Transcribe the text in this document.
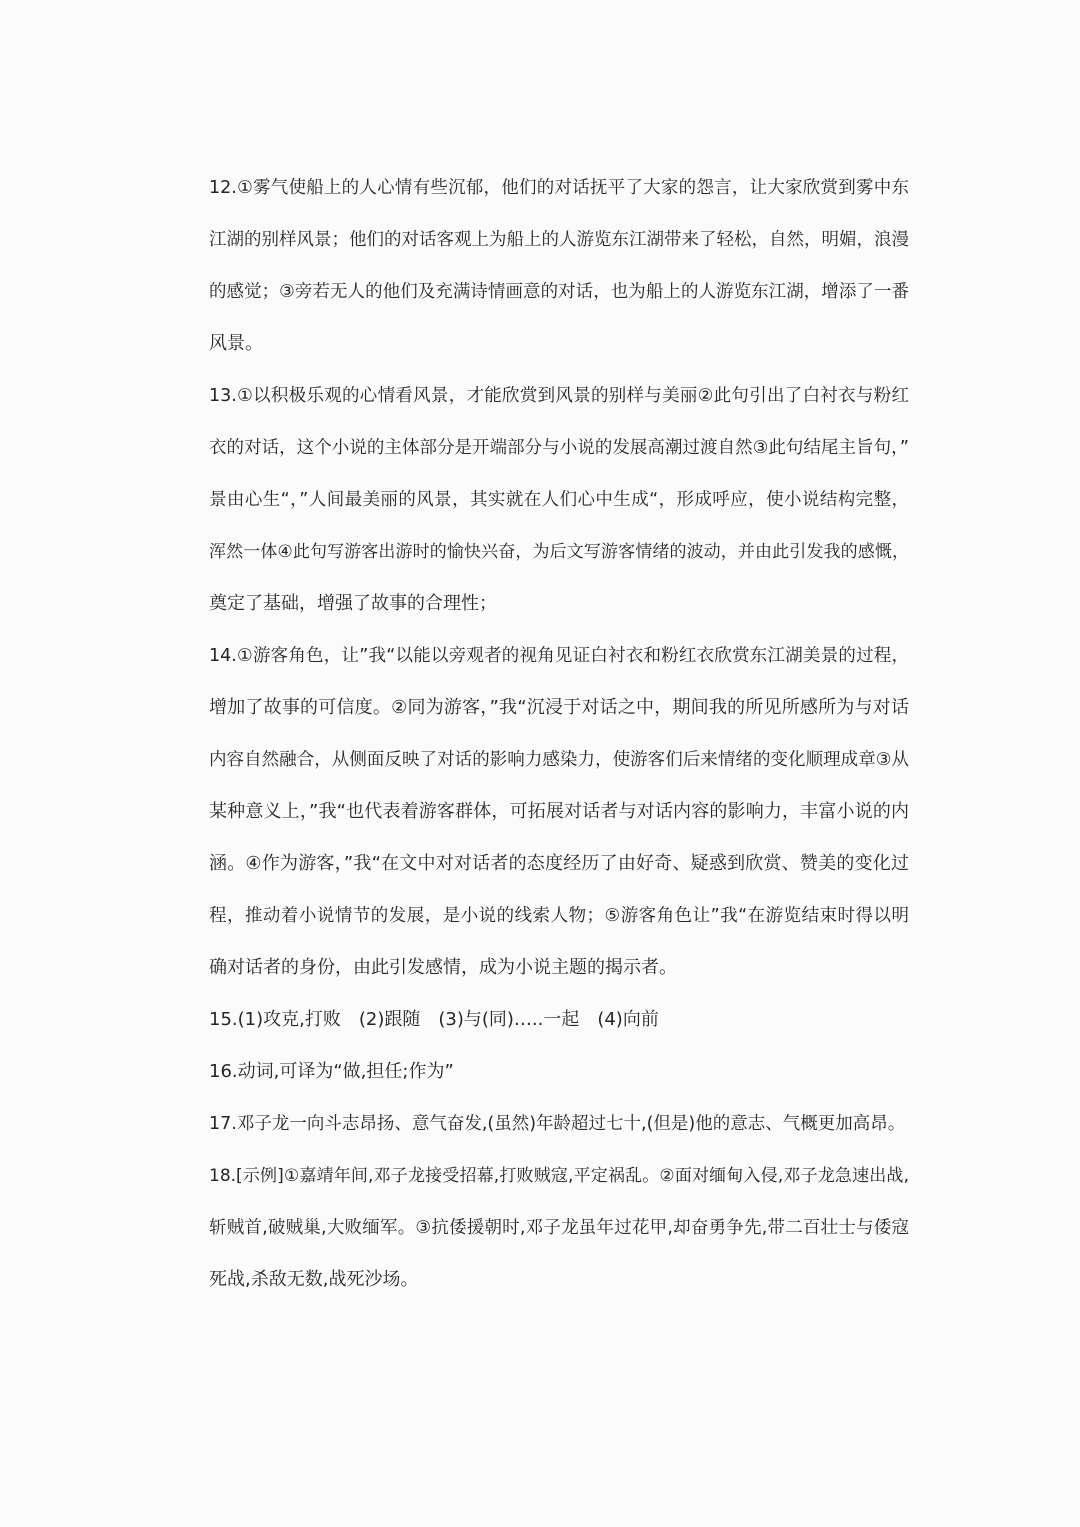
12.①雾气使船上的人心情有些沉郁，他们的对话抚平了大家的怨言，让大家欣赏到雾中东
江湖的别样风景；他们的对话客观上为船上的人游览东江湖带来了轻松，自然，明媚，浪漫
的感觉；③旁若无人的他们及充满诗情画意的对话，也为船上的人游览东江湖，增添了一番
风景。
13.①以积极乐观的心情看风景，才能欣赏到风景的别样与美丽②此句引出了白衬衣与粉红
衣的对话，这个小说的主体部分是开端部分与小说的发展高潮过渡自然③此句结尾主旨句，”
景由心生“，”人间最美丽的风景，其实就在人们心中生成“，形成呼应，使小说结构完整，
浑然一体④此句写游客出游时的愉快兴奋，为后文写游客情绪的波动，并由此引发我的感慨，
奠定了基础，增强了故事的合理性；
14.①游客角色，让”我“以能以旁观者的视角见证白衬衣和粉红衣欣赏东江湖美景的过程，
增加了故事的可信度。②同为游客，”我“沉浸于对话之中，期间我的所见所感所为与对话
内容自然融合，从侧面反映了对话的影响力感染力，使游客们后来情绪的变化顺理成章③从
某种意义上，”我“也代表着游客群体，可拓展对话者与对话内容的影响力，丰富小说的内
涵。④作为游客，”我“在文中对对话者的态度经历了由好奇、疑惑到欣赏、赞美的变化过
程，推动着小说情节的发展，是小说的线索人物；⑤游客角色让”我“在游览结束时得以明
确对话者的身份，由此引发感情，成为小说主题的揭示者。
15.(1)攻克,打败　(2)跟随　(3)与(同)…..一起　(4)向前
16.动词,可译为“做,担任;作为”
17.邓子龙一向斗志昂扬、意气奋发,(虽然)年龄超过七十,(但是)他的意志、气概更加高昂。
18.[示例]①嘉靖年间,邓子龙接受招幕,打败贼寇,平定祸乱。②面对缅甸入侵,邓子龙急速出战,
斩贼首,破贼巢,大败缅军。③抗倭援朝时,邓子龙虽年过花甲,却奋勇争先,带二百壮士与倭寇
死战,杀敌无数,战死沙场。
